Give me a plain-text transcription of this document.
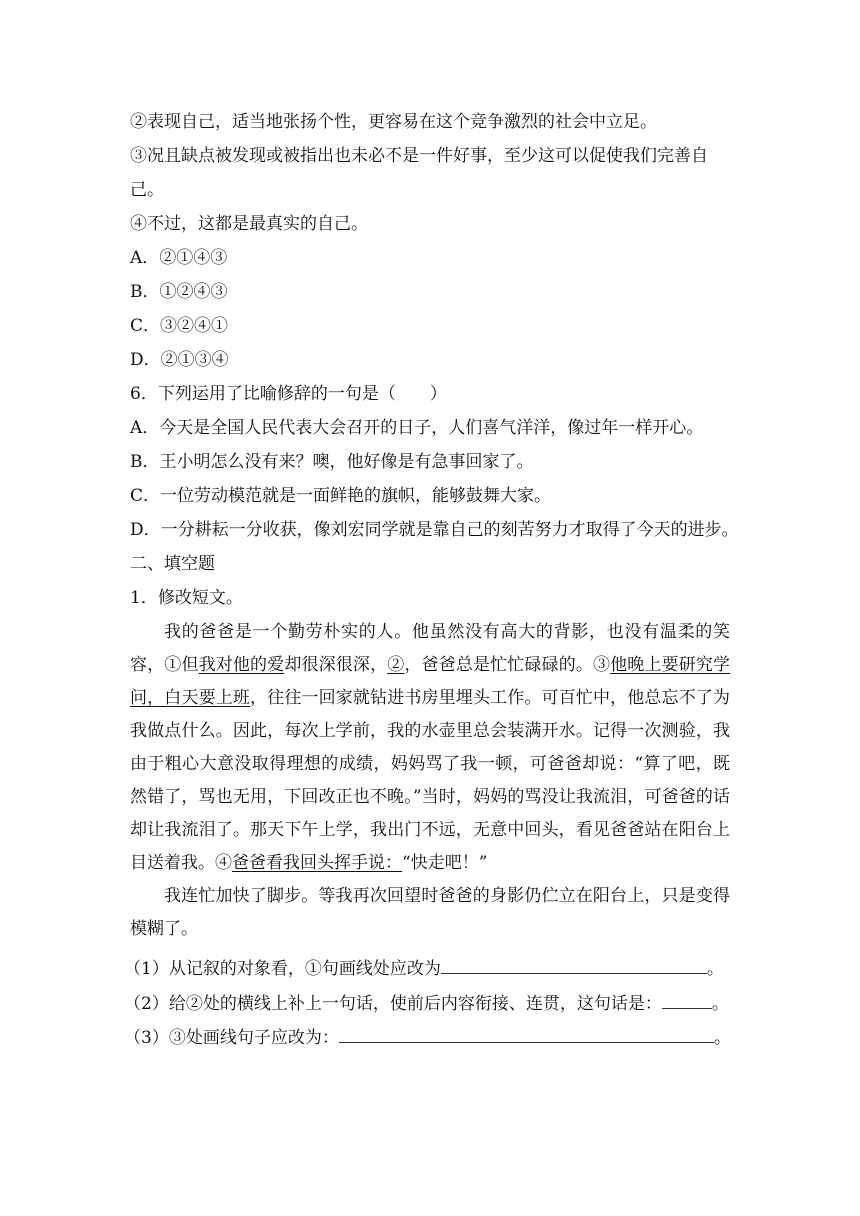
②表现自己，适当地张扬个性，更容易在这个竞争激烈的社会中立足。
③况且缺点被发现或被指出也未必不是一件好事，至少这可以促使我们完善自
己。
④不过，这都是最真实的自己。
A．②①④③
B．①②④③
C．③②④①
D．②①③④
6．下列运用了比喻修辞的一句是（　　）
A．今天是全国人民代表大会召开的日子，人们喜气洋洋，像过年一样开心。
B．王小明怎么没有来？噢，他好像是有急事回家了。
C．一位劳动模范就是一面鲜艳的旗帜，能够鼓舞大家。
D．一分耕耘一分收获，像刘宏同学就是靠自己的刻苦努力才取得了今天的进步。
二、填空题
1．修改短文。
我的爸爸是一个勤劳朴实的人。他虽然没有高大的背影，也没有温柔的笑容，①但我对他的爱却很深很深，②，爸爸总是忙忙碌碌的。③他晚上要研究学问，白天要上班，往往一回家就钻进书房里埋头工作。可百忙中，他总忘不了为我做点什么。因此，每次上学前，我的水壶里总会装满开水。记得一次测验，我由于粗心大意没取得理想的成绩，妈妈骂了我一顿，可爸爸却说：“算了吧，既然错了，骂也无用，下回改正也不晚。”当时，妈妈的骂没让我流泪，可爸爸的话却让我流泪了。那天下午上学，我出门不远，无意中回头，看见爸爸站在阳台上目送着我。④爸爸看我回头挥手说：“快走吧！”
我连忙加快了脚步。等我再次回望时爸爸的身影仍伫立在阳台上，只是变得模糊了。
（1）从记叙的对象看，①句画线处应改为	。
（2）给②处的横线上补上一句话，使前后内容衔接、连贯，这句话是：	。
（3）③处画线句子应改为：	。
